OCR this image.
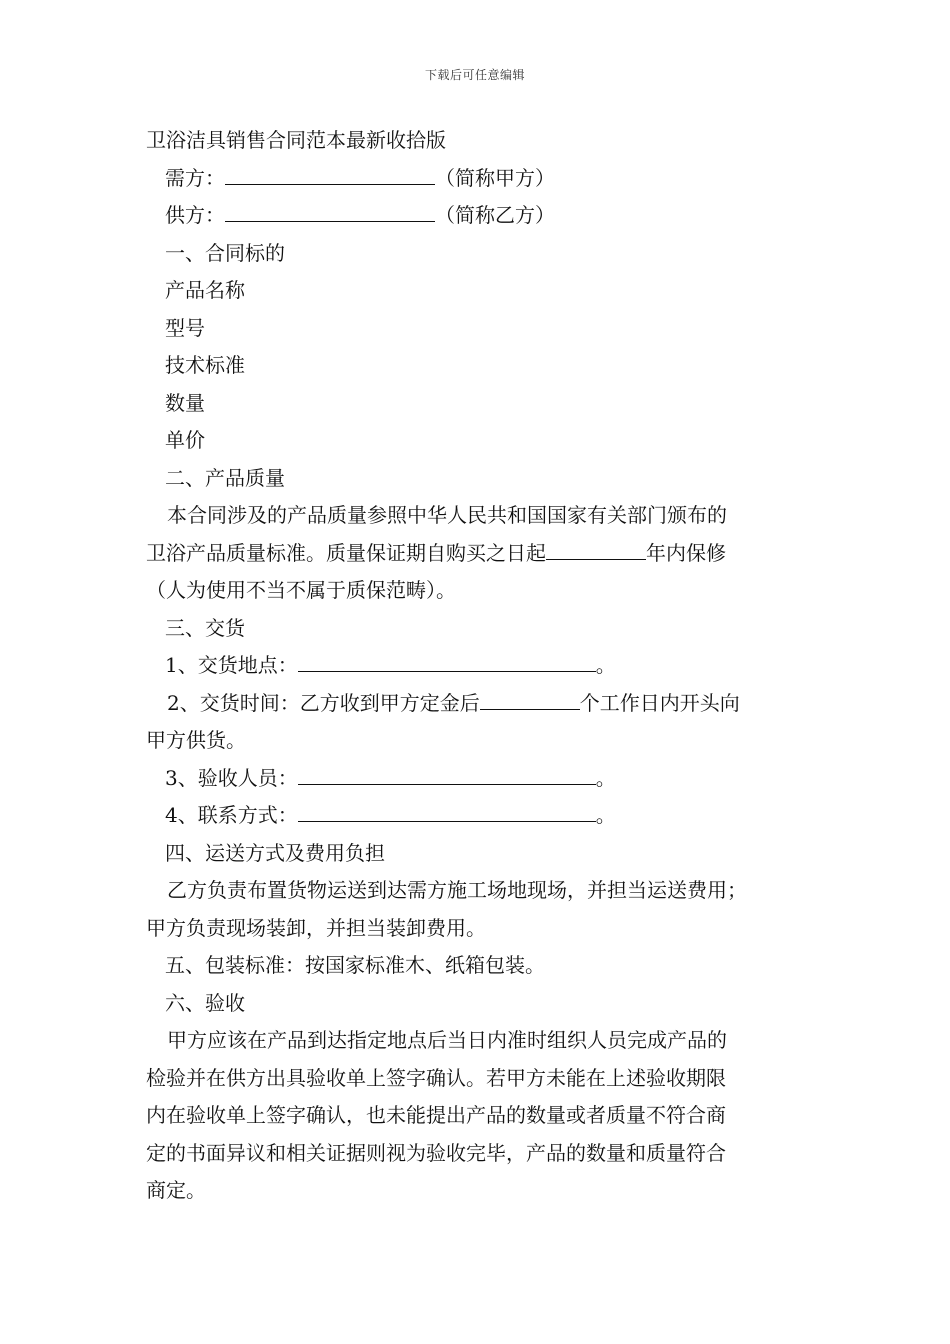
下载后可任意编辑
卫浴洁具销售合同范本最新收拾版
需方：	（简称甲方）
供方：	（简称乙方）
一、合同标的
产品名称
型号
技术标准
数量
单价
二、产品质量
本合同涉及的产品质量参照中华人民共和国国家有关部门颁布的
卫浴产品质量标准。质量保证期自购买之日起	年内保修
（人为使用不当不属于质保范畴）。
三、交货
1、交货地点：	。
2、交货时间：乙方收到甲方定金后	个工作日内开头向
甲方供货。
3、验收人员：	。
4、联系方式：	。
四、运送方式及费用负担
乙方负责布置货物运送到达需方施工场地现场，并担当运送费用；
甲方负责现场装卸，并担当装卸费用。
五、包装标准：按国家标准木、纸箱包装。
六、验收
甲方应该在产品到达指定地点后当日内准时组织人员完成产品的
检验并在供方出具验收单上签字确认。若甲方未能在上述验收期限
内在验收单上签字确认，也未能提出产品的数量或者质量不符合商
定的书面异议和相关证据则视为验收完毕，产品的数量和质量符合
商定。
